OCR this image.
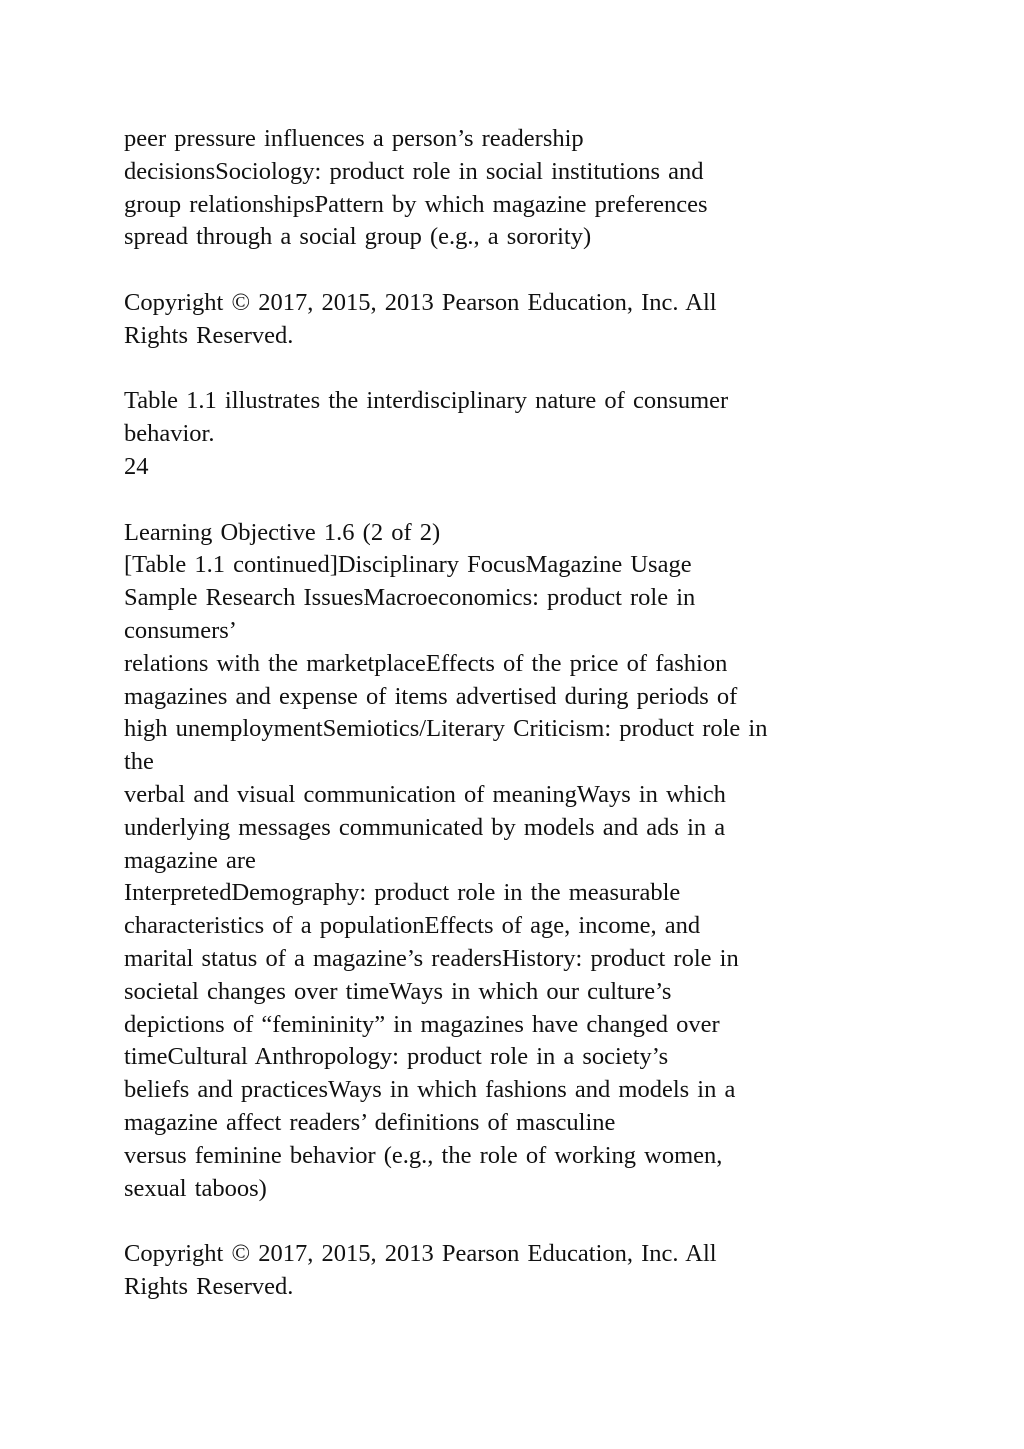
peer pressure influences a person’s readership
decisionsSociology: product role in social institutions and
group relationshipsPattern by which magazine preferences
spread through a social group (e.g., a sorority)
Copyright © 2017, 2015, 2013 Pearson Education, Inc. All
Rights Reserved.
Table 1.1 illustrates the interdisciplinary nature of consumer
behavior.
24
Learning Objective 1.6 (2 of 2)
[Table 1.1 continued]Disciplinary FocusMagazine Usage
Sample Research IssuesMacroeconomics: product role in
consumers’
relations with the marketplaceEffects of the price of fashion
magazines and expense of items advertised during periods of
high unemploymentSemiotics/Literary Criticism: product role in
the
verbal and visual communication of meaningWays in which
underlying messages communicated by models and ads in a
magazine are
InterpretedDemography: product role in the measurable
characteristics of a populationEffects of age, income, and
marital status of a magazine’s readersHistory: product role in
societal changes over timeWays in which our culture’s
depictions of “femininity” in magazines have changed over
timeCultural Anthropology: product role in a society’s
beliefs and practicesWays in which fashions and models in a
magazine affect readers’ definitions of masculine
versus feminine behavior (e.g., the role of working women,
sexual taboos)
Copyright © 2017, 2015, 2013 Pearson Education, Inc. All
Rights Reserved.
